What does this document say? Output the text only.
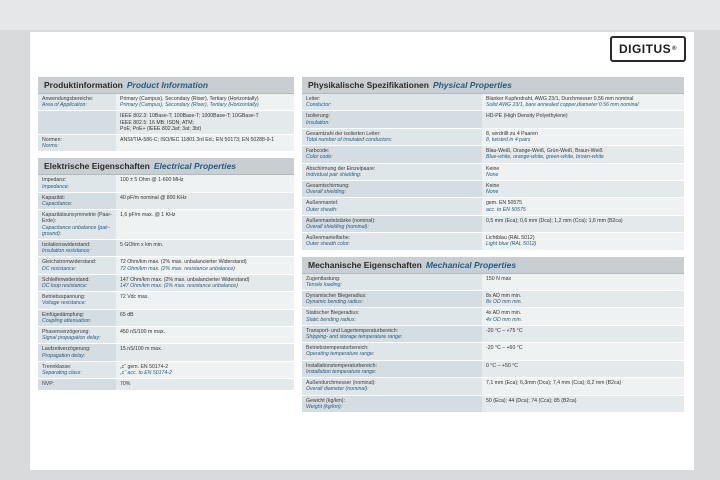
DIGITUS ®
Produktinformation Product Information
Anwendungsbereiche:
Area of Application:
Primary (Campus), Secondary (Riser), Tertiary (Horizontally)
Primary (Campus), Secondary (Riser), Tertiary (Horizontally)
IEEE 802.3: 10Base-T; 100Base-T; 1000Base-T; 10GBase-T
IEEE 802.5: 16 MB; ISDN; ATM;
PoE; PoE+ (IEEE 802.3af; 3at; 3bt)
Normen:
Norms:
ANSI/TIA-586-C; ISO/IEC 11801 3rd Ed.; EN 50173; EN 50288-9-1
Elektrische Eigenschaften Electrical Properties
Impedanz:
Impedance:
100 ± 5 Ohm @ 1-600 MHz
Kapazität:
Capacitance:
40 pF/m nominal @ 800 KHz
Kapazitätsunsymmetrie (Paar-Erde):
Capacitance unbalance (pair-ground):
1,6 pF/m max. @ 1 KHz
Isolationswiderstand:
Insulation resistance:
5 GOhm x km min.
Gleichstromwiderstand:
DC resistance:
72 Ohm/km max. (2% max. unbalancierter Widerstand)
72 Ohm/km max. (2% max. resistance unbalance)
Schleifenwiderstand:
DC loop resistance:
147 Ohm/km max. (2% max. unbalancierter Widerstand)
147 Ohm/km max. (2% max. resistance unbalance)
Betriebsspannung:
Voltage resistance:
72 Vdc max.
Einfügedämpfung:
Coupling attenuation:
65 dB
Phasenverzögerung:
Signal propagation delay:
450 nS/100 m max.
Laufzeitverzögerung:
Propagation delay:
15 nS/100 m max.
Trennklasse:
Separating class:
„c“ gem. EN 50174-2
„c“ acc. to EN 50174-2
NVP:	70%
Physikalische Spezifikationen Physical Properties
Leiter:
Conductor:
Blanker Kupferdraht, AWG 23/1, Durchmesser 0,56 mm nominal
Solid AWG 23/1, bare annealed copper,diameter 0.56 mm nominal
Isolierung:
Insulation:
HD-PE (High Density Polyethylene)
Gesamtzahl der isolierten Leiter:
Total number of insulated conductors:
8, verdrillt zu 4 Paaren
8, twisted in 4 pairs
Farbcode:
Color code:
Blau-Weiß, Orange-Weiß, Grün-Weiß, Braun-Weiß
Blue-white, orange-white, green-white, brown-white
Abschirmung der Einzelpaare:
Individual pair shielding:
Keine
None
Gesamtschirmung:
Overall shielding:
Keine
None
Außenmantel:
Outer sheath:
gem. EN 50575
acc. to EN 50575
Außenmantelstärke (nominal):
Overall shielding (nominal):
0,5 mm (Eca); 0,6 mm (Dca); 1,2 mm (Cca); 1,6 mm (B2ca)
Außenmantelfarbe:
Outer sheath color:
Lichtblau (RAL 5012)
Light blue (RAL 5012)
Mechanische Eigenschaften Mechanical Properties
Zugentlastung:
Tensile loading:
150 N max
Dynamischer Biegeradius:
Dynamic bending radius:
8x AD mm min.
8x OD mm min.
Statischer Biegeradius:
Static bending radius:
4x AD mm min.
4x OD mm min.
Transport- und Lagertemperaturbereich:
Shipping- and storage temperature range:
-20 °C – +75 °C
Betriebstemperaturbereich:
Operating temperature range:
-20 °C – +60 °C
Installationstemperaturbereich:
Installation temperature range:
0 °C – +50 °C
Außendurchmesser (nominal):
Overall diameter (nominal):
7,1 mm (Eca); 6,3mm (Dca); 7,4 mm (Cca); 8,2 mm (B2ca)
Gewicht (kg/km):
Weight (kg/km):
50 (Eca); 44 (Dca); 74 (Cca); 85 (B2ca)
